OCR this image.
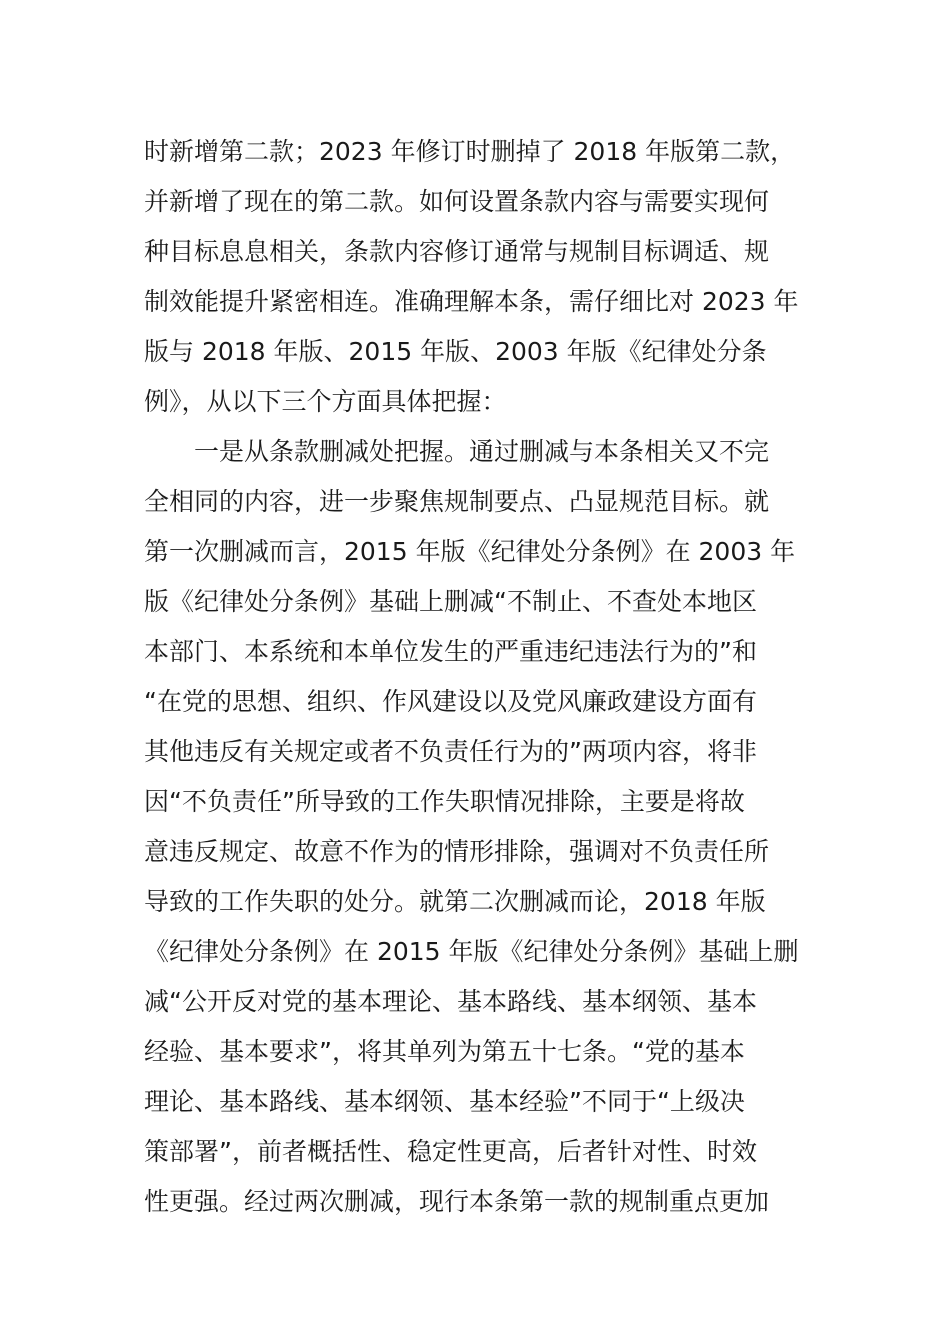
时新增第二款；2023 年修订时删掉了 2018 年版第二款，
并新增了现在的第二款。如何设置条款内容与需要实现何
种目标息息相关，条款内容修订通常与规制目标调适、规
制效能提升紧密相连。准确理解本条，需仔细比对 2023 年
版与 2018 年版、2015 年版、2003 年版《纪律处分条
例》，从以下三个方面具体把握：
一是从条款删减处把握。通过删减与本条相关又不完
全相同的内容，进一步聚焦规制要点、凸显规范目标。就
第一次删减而言，2015 年版《纪律处分条例》在 2003 年
版《纪律处分条例》基础上删减“不制止、不查处本地区
本部门、本系统和本单位发生的严重违纪违法行为的”和
“在党的思想、组织、作风建设以及党风廉政建设方面有
其他违反有关规定或者不负责任行为的”两项内容，将非
因“不负责任”所导致的工作失职情况排除，主要是将故
意违反规定、故意不作为的情形排除，强调对不负责任所
导致的工作失职的处分。就第二次删减而论，2018 年版
《纪律处分条例》在 2015 年版《纪律处分条例》基础上删
减“公开反对党的基本理论、基本路线、基本纲领、基本
经验、基本要求”，将其单列为第五十七条。“党的基本
理论、基本路线、基本纲领、基本经验”不同于“上级决
策部署”，前者概括性、稳定性更高，后者针对性、时效
性更强。经过两次删减，现行本条第一款的规制重点更加
